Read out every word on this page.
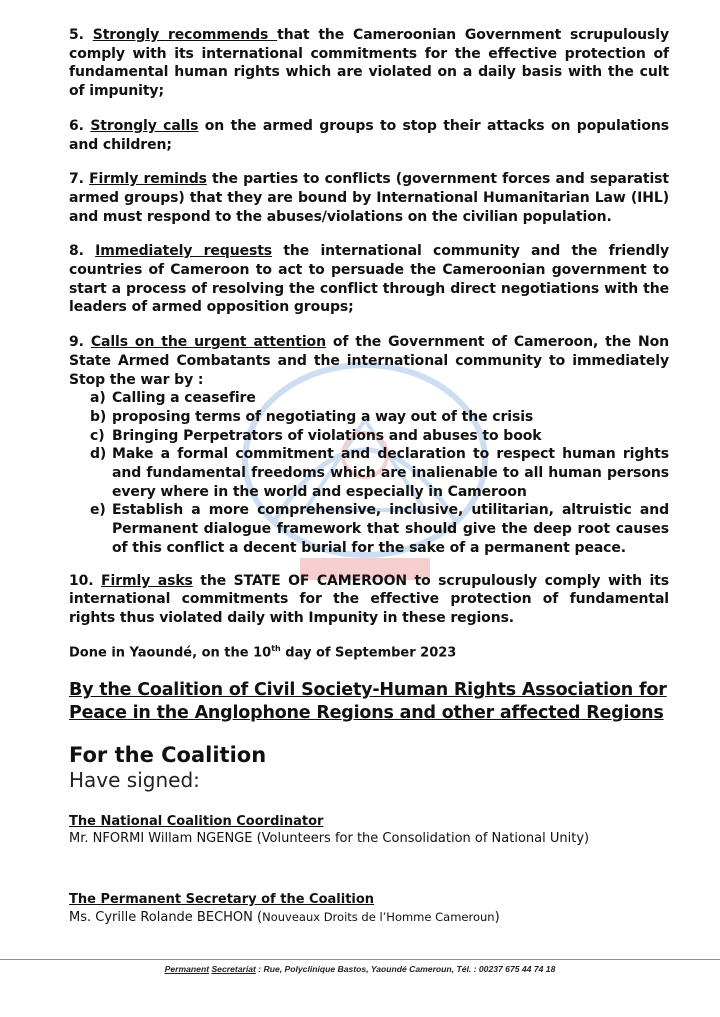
5. Strongly recommends that the Cameroonian Government scrupulously comply with its international commitments for the effective protection of fundamental human rights which are violated on a daily basis with the cult of impunity;

6. Strongly calls on the armed groups to stop their attacks on populations and children;

7. Firmly reminds the parties to conflicts (government forces and separatist armed groups) that they are bound by International Humanitarian Law (IHL) and must respond to the abuses/violations on the civilian population.

8. Immediately requests the international community and the friendly countries of Cameroon to act to persuade the Cameroonian government to start a process of resolving the conflict through direct negotiations with the leaders of armed opposition groups;

9. Calls on the urgent attention of the Government of Cameroon, the Non State Armed Combatants and the international community to immediately Stop the war by :

a) Calling a ceasefire
b) proposing terms of negotiating a way out of the crisis
c) Bringing Perpetrators of violations and abuses to book
d) Make a formal commitment and declaration to respect human rights and fundamental freedoms which are inalienable to all human persons every where in the world and especially in Cameroon
e) Establish a more comprehensive, inclusive, utilitarian, altruistic and Permanent dialogue framework that should give the deep root causes of this conflict a decent burial for the sake of a permanent peace.

10. Firmly asks the STATE OF CAMEROON to scrupulously comply with its international commitments for the effective protection of fundamental rights thus violated daily with Impunity in these regions.

Done in Yaoundé, on the 10th day of September 2023

By the Coalition of Civil Society-Human Rights Association for Peace in the Anglophone Regions and other affected Regions

For the Coalition

Have signed:

The National Coalition Coordinator

Mr. NFORMI Willam NGENGE (Volunteers for the Consolidation of National Unity)

The Permanent Secretary of the Coalition

Ms. Cyrille Rolande BECHON (Nouveaux Droits de l’Homme Cameroun)

Permanent Secretariat : Rue, Polyclinique Bastos, Yaoundé Cameroun, Tél. : 00237 675 44 74 18
